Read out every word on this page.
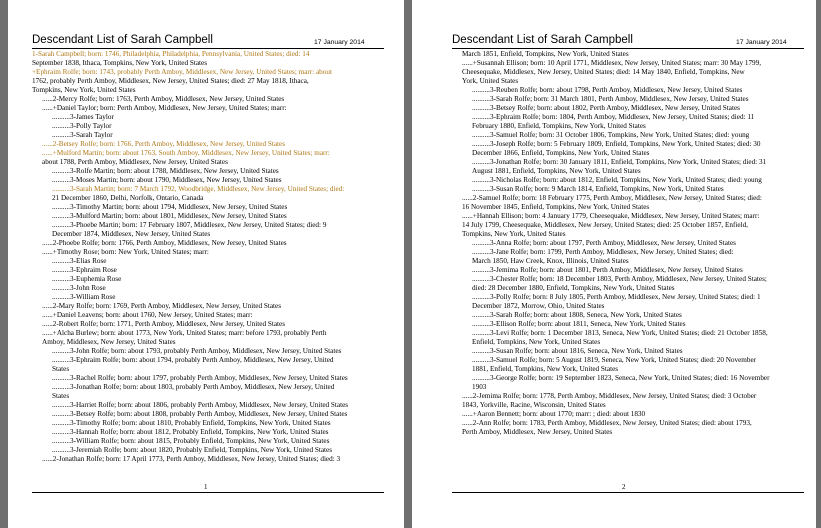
Descendant List of Sarah Campbell	17 January 2014
1-Sarah Campbell; born: 1746, Philadelphia, Philadelphia, Pennsylvania, United States; died: 14
September 1838, Ithaca, Tompkins, New York, United States
+Ephraim Rolfe; born: 1743, probably Perth Amboy, Middlesex, New Jersey, United States; marr: about
1762, probably Perth Amboy, Middlesex, New Jersey, United States; died: 27 May 1818, Ithaca,
Tompkins, New York, United States
......2-Mercy Rolfe; born: 1763, Perth Amboy, Middlesex, New Jersey, United States
......+Daniel Taylor; born: Perth Amboy, Middlesex, New Jersey, United States; marr:
..........3-James Taylor
..........3-Polly Taylor
..........3-Sarah Taylor
......2-Betsey Rolfe; born: 1766, Perth Amboy, Middlesex, New Jersey, United States
......+Mulford Martin; born: about 1763, South Amboy, Middlesex, New Jersey, United States; marr:
about 1788, Perth Amboy, Middlesex, New Jersey, United States
..........3-Rolfe Martin; born: about 1788, Middlesex, New Jersey, United States
..........3-Moses Martin; born: about 1790, Middlesex, New Jersey, United States
..........3-Sarah Martin; born: 7 March 1792, Woodbridge, Middlesex, New Jersey, United States; died:
21 December 1860, Delhi, Norfolk, Ontario, Canada
..........3-Timothy Martin; born: about 1794, Middlesex, New Jersey, United States
..........3-Mulford Martin; born: about 1801, Middlesex, New Jersey, United States
..........3-Phoebe Martin; born: 17 February 1807, Middlesex, New Jersey, United States; died: 9
December 1874, Middlesex, New Jersey, United States
......2-Phoebe Rolfe; born: 1766, Perth Amboy, Middlesex, New Jersey, United States
......+Timothy Rose; born: New York, United States; marr:
..........3-Elias Rose
..........3-Ephraim Rose
..........3-Euphemia Rose
..........3-John Rose
..........3-William Rose
......2-Mary Rolfe; born: 1769, Perth Amboy, Middlesex, New Jersey, United States
......+Daniel Leavens; born: about 1760, New Jersey, United States; marr:
......2-Robert Rolfe; born: 1771, Perth Amboy, Middlesex, New Jersey, United States
......+Alcha Burlew; born: about 1773, New York, United States; marr: before 1793, probably Perth
Amboy, Middlesex, New Jersey, United States
..........3-John Rolfe; born: about 1793, probably Perth Amboy, Middlesex, New Jersey, United States
..........3-Ephraim Rolfe; born: about 1794, probably Perth Amboy, Middlesex, New Jersey, United
States
..........3-Rachel Rolfe; born: about 1797, probably Perth Amboy, Middlesex, New Jersey, United States
..........3-Jonathan Rolfe; born: about 1803, probably Perth Amboy, Middlesex, New Jersey, United
States
..........3-Harriet Rolfe; born: about 1806, probably Perth Amboy, Middlesex, New Jersey, United States
..........3-Betsey Rolfe; born: about 1808, probably Perth Amboy, Middlesex, New Jersey, United States
..........3-Timothy Rolfe; born: about 1810, Probably Enfield, Tompkins, New York, United States
..........3-Hannah Rolfe; born: about 1812, Probably Enfield, Tompkins, New York, United States
..........3-William Rolfe; born: about 1815, Probably Enfield, Tompkins, New York, United States
..........3-Jeremiah Rolfe; born: about 1820, Probably Enfield, Tompkins, New York, United States
......2-Jonathan Rolfe; born: 17 April 1773, Perth Amboy, Middlesex, New Jersey, United States; died: 3
1
Descendant List of Sarah Campbell	17 January 2014
March 1851, Enfield, Tompkins, New York, United States
......+Susannah Ellison; born: 10 April 1771, Middlesex, New Jersey, United States; marr: 30 May 1799,
Cheesequake, Middlesex, New Jersey, United States; died: 14 May 1840, Enfield, Tompkins, New
York, United States
..........3-Reuben Rolfe; born: about 1798, Perth Amboy, Middlesex, New Jersey, United States
..........3-Sarah Rolfe; born: 31 March 1801, Perth Amboy, Middlesex, New Jersey, United States
..........3-Betsey Rolfe; born: about 1802, Perth Amboy, Middlesex, New Jersey, United States
..........3-Ephraim Rolfe; born: 1804, Perth Amboy, Middlesex, New Jersey, United States; died: 11
February 1880, Enfield, Tompkins, New York, United States
..........3-Samuel Rolfe; born: 31 October 1806, Tompkins, New York, United States; died: young
..........3-Joseph Rolfe; born: 5 February 1809, Enfield, Tompkins, New York, United States; died: 30
December 1866, Enfield, Tompkins, New York, United States
..........3-Jonathan Rolfe; born: 30 January 1811, Enfield, Tompkins, New York, United States; died: 31
August 1881, Enfield, Tompkins, New York, United States
..........3-Nicholas Rolfe; born: about 1812, Enfield, Tompkins, New York, United States; died: young
..........3-Susan Rolfe; born: 9 March 1814, Enfield, Tompkins, New York, United States
......2-Samuel Rolfe; born: 18 February 1775, Perth Amboy, Middlesex, New Jersey, United States; died:
16 November 1845, Enfield, Tompkins, New York, United States
......+Hannah Ellison; born: 4 January 1779, Cheesequake, Middlesex, New Jersey, United States; marr:
14 July 1799, Cheesequake, Middlesex, New Jersey, United States; died: 25 October 1857, Enfield,
Tompkins, New York, United States
..........3-Anna Rolfe; born: about 1797, Perth Amboy, Middlesex, New Jersey, United States
..........3-Jane Rolfe; born: 1799, Perth Amboy, Middlesex, New Jersey, United States; died:
March 1850, Haw Creek, Knox, Illinois, United States
..........3-Jemima Rolfe; born: about 1801, Perth Amboy, Middlesex, New Jersey, United States
..........3-Chester Rolfe; born: 18 December 1803, Perth Amboy, Middlesex, New Jersey, United States;
died: 28 December 1880, Enfield, Tompkins, New York, United States
..........3-Polly Rolfe; born: 8 July 1805, Perth Amboy, Middlesex, New Jersey, United States; died: 1
December 1872, Morrow, Ohio, United States
..........3-Sarah Rolfe; born: about 1808, Seneca, New York, United States
..........3-Ellison Rolfe; born: about 1811, Seneca, New York, United States
..........3-Levi Rolfe; born: 1 December 1813, Seneca, New York, United States; died: 21 October 1858,
Enfield, Tompkins, New York, United States
..........3-Susan Rolfe; born: about 1816, Seneca, New York, United States
..........3-Samuel Rolfe; born: 5 August 1819, Seneca, New York, United States; died: 20 November
1881, Enfield, Tompkins, New York, United States
..........3-George Rolfe; born: 19 September 1823, Seneca, New York, United States; died: 16 November
1903
......2-Jemima Rolfe; born: 1778, Perth Amboy, Middlesex, New Jersey, United States; died: 3 October
1843, Yorkville, Racine, Wisconsin, United States
......+Aaron Bennett; born: about 1770; marr: ; died: about 1830
......2-Ann Rolfe; born: 1783, Perth Amboy, Middlesex, New Jersey, United States; died: about 1793,
Perth Amboy, Middlesex, New Jersey, United States
2
